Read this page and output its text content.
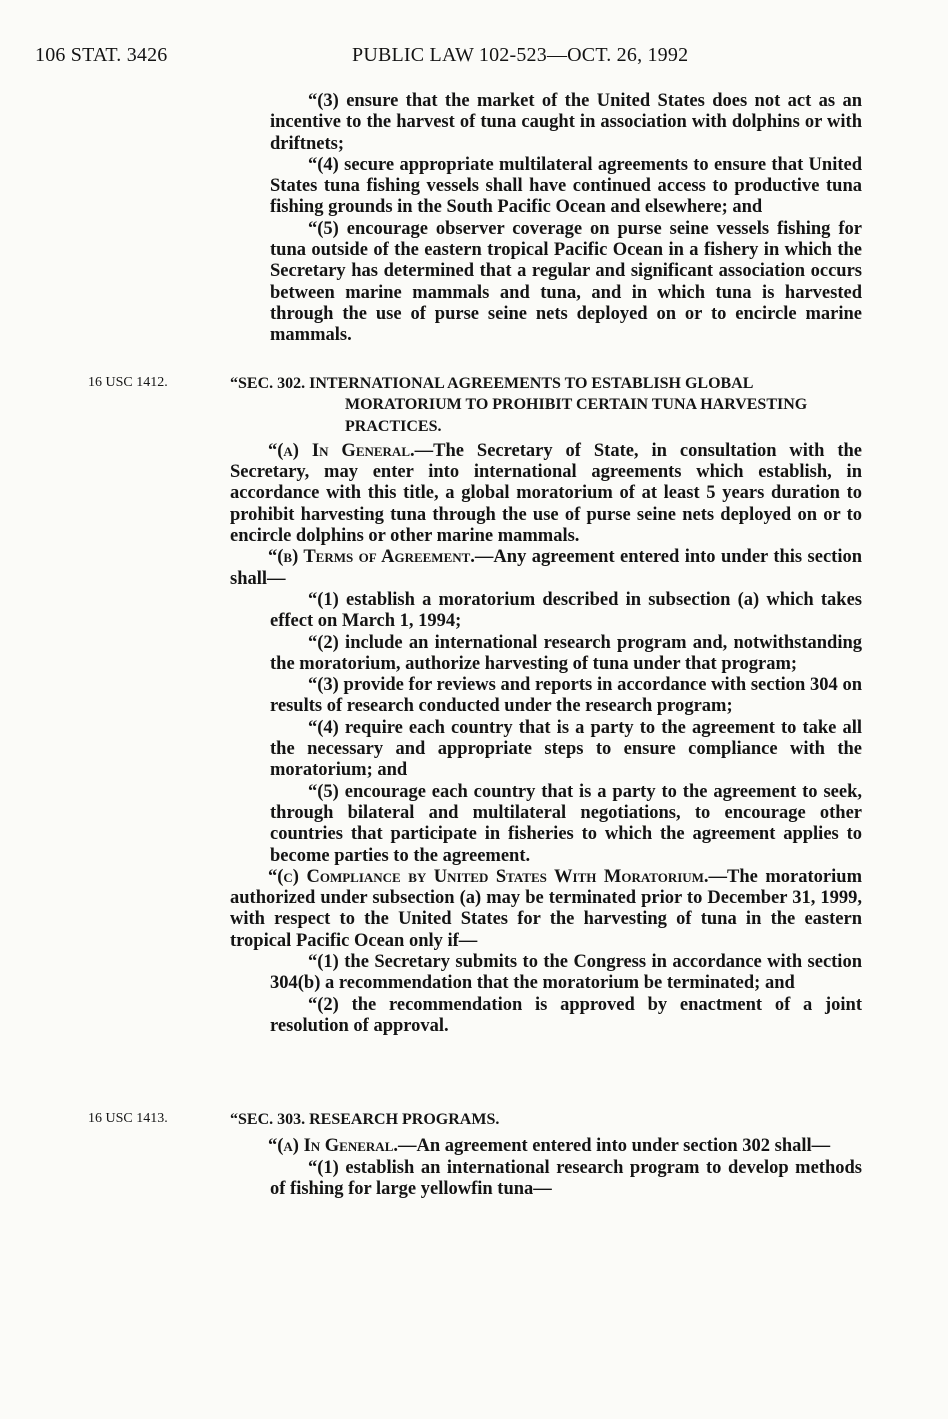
106 STAT. 3426	PUBLIC LAW 102-523—OCT. 26, 1992
16 USC 1412.
16 USC 1413.

“(3) ensure that the market of the United States does not act as an incentive to the harvest of tuna caught in association with dolphins or with driftnets;

“(4) secure appropriate multilateral agreements to ensure that United States tuna fishing vessels shall have continued access to productive tuna fishing grounds in the South Pacific Ocean and elsewhere; and

“(5) encourage observer coverage on purse seine vessels fishing for tuna outside of the eastern tropical Pacific Ocean in a fishery in which the Secretary has determined that a regular and significant association occurs between marine mammals and tuna, and in which tuna is harvested through the use of purse seine nets deployed on or to encircle marine mammals.

“SEC. 302. INTERNATIONAL AGREEMENTS TO ESTABLISH GLOBAL MORATORIUM TO PROHIBIT CERTAIN TUNA HARVESTING PRACTICES.

“(a) In General.—The Secretary of State, in consultation with the Secretary, may enter into international agreements which establish, in accordance with this title, a global moratorium of at least 5 years duration to prohibit harvesting tuna through the use of purse seine nets deployed on or to encircle dolphins or other marine mammals.

“(b) Terms of Agreement.—Any agreement entered into under this section shall—

“(1) establish a moratorium described in subsection (a) which takes effect on March 1, 1994;

“(2) include an international research program and, notwithstanding the moratorium, authorize harvesting of tuna under that program;

“(3) provide for reviews and reports in accordance with section 304 on results of research conducted under the research program;

“(4) require each country that is a party to the agreement to take all the necessary and appropriate steps to ensure compliance with the moratorium; and

“(5) encourage each country that is a party to the agreement to seek, through bilateral and multilateral negotiations, to encourage other countries that participate in fisheries to which the agreement applies to become parties to the agreement.

“(c) Compliance by United States With Moratorium.—The moratorium authorized under subsection (a) may be terminated prior to December 31, 1999, with respect to the United States for the harvesting of tuna in the eastern tropical Pacific Ocean only if—

“(1) the Secretary submits to the Congress in accordance with section 304(b) a recommendation that the moratorium be terminated; and

“(2) the recommendation is approved by enactment of a joint resolution of approval.

“SEC. 303. RESEARCH PROGRAMS.

“(a) In General.—An agreement entered into under section 302 shall—

“(1) establish an international research program to develop methods of fishing for large yellowfin tuna—
